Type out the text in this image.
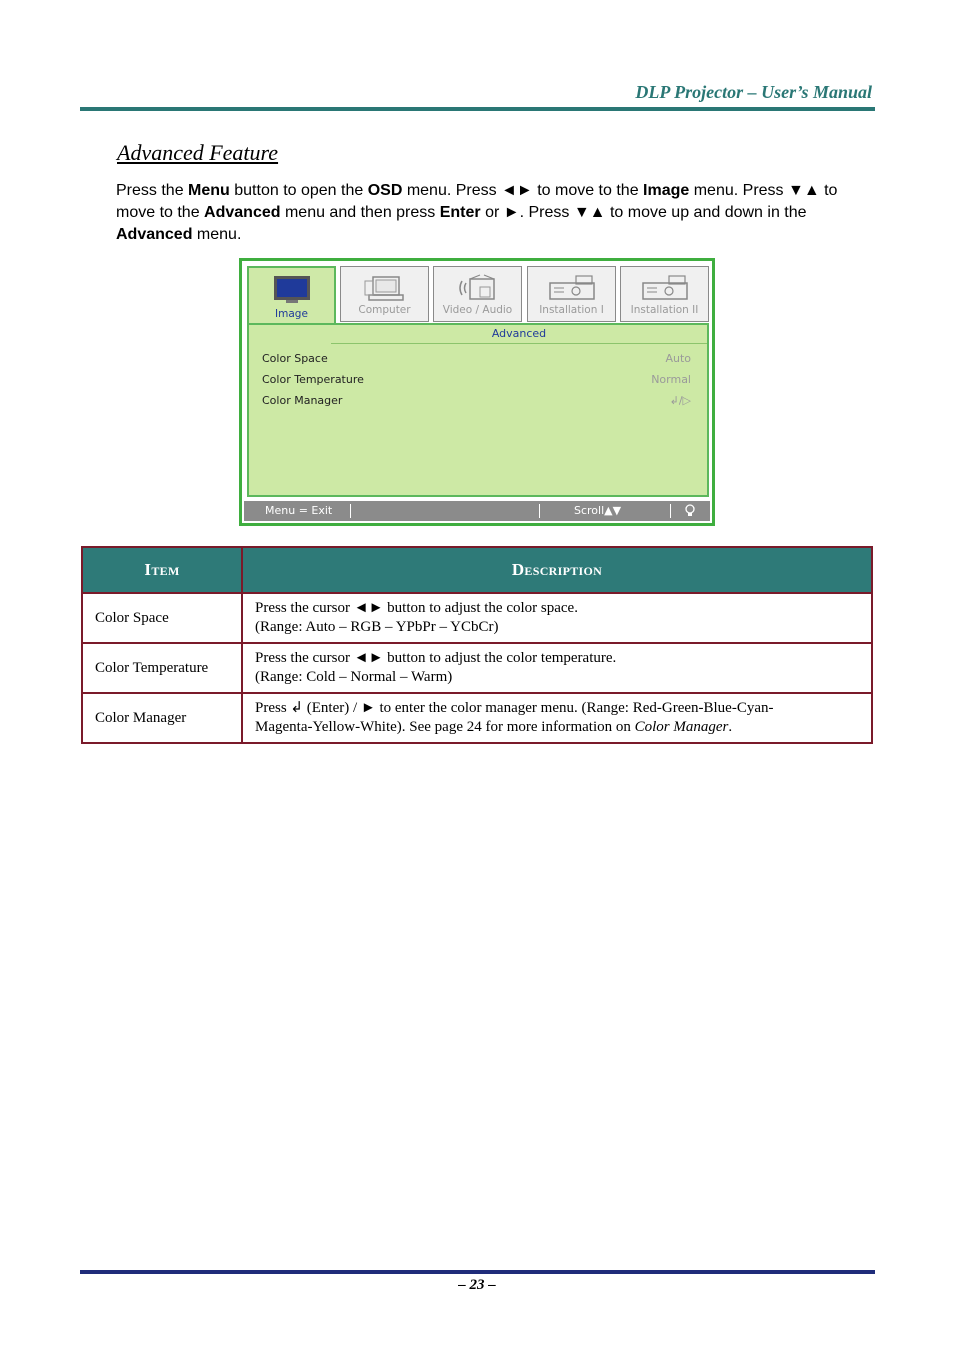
DLP Projector – User’s Manual
Advanced Feature

Press the Menu button to open the OSD menu. Press ◄► to move to the Image menu. Press ▼▲ to move to the Advanced menu and then press Enter or ►. Press ▼▲ to move up and down in the Advanced menu.

Image	Computer	Video / Audio	Installation I	Installation II
Advanced
Color Space	Auto
Color Temperature	Normal
Color Manager	↲/▷
Menu = Exit	Scroll▲▼
Item	Description
Color Space	Press the cursor ◄► button to adjust the color space.
(Range: Auto – RGB – YPbPr – YCbCr)

Color Temperature	Press the cursor ◄► button to adjust the color temperature.
(Range: Cold – Normal – Warm)

Color Manager	Press ↲ (Enter) / ► to enter the color manager menu. (Range: Red-Green-Blue-Cyan-
Magenta-Yellow-White). See page 24 for more information on Color Manager.
– 23 –
